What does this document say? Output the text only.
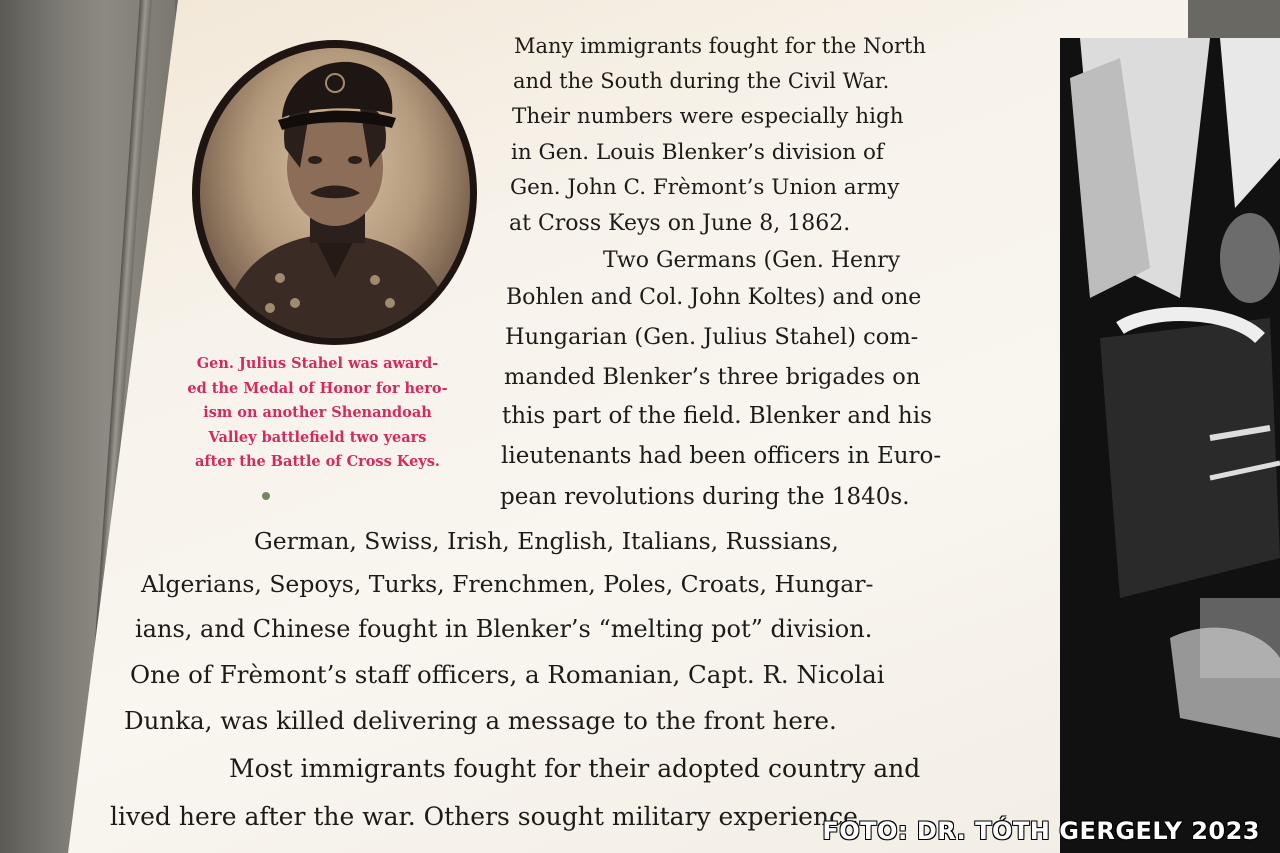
Gen. Julius Stahel was award-
ed the Medal of Honor for hero-
ism on another Shenandoah
Valley battlefield two years
after the Battle of Cross Keys.
Many immigrants fought for the North
and the South during the Civil War.
Their numbers were especially high
in Gen. Louis Blenker’s division of
Gen. John C. Frèmont’s Union army
at Cross Keys on June 8, 1862.
Two Germans (Gen. Henry
Bohlen and Col. John Koltes) and one
Hungarian (Gen. Julius Stahel) com-
manded Blenker’s three brigades on
this part of the field. Blenker and his
lieutenants had been officers in Euro-
pean revolutions during the 1840s.
German, Swiss, Irish, English, Italians, Russians,
Algerians, Sepoys, Turks, Frenchmen, Poles, Croats, Hungar-
ians, and Chinese fought in Blenker’s “melting pot” division.
One of Frèmont’s staff officers, a Romanian, Capt. R. Nicolai
Dunka, was killed delivering a message to the front here.
Most immigrants fought for their adopted country and
lived here after the war. Others sought military experience
FOTO: DR. TÓTH GERGELY 2023
